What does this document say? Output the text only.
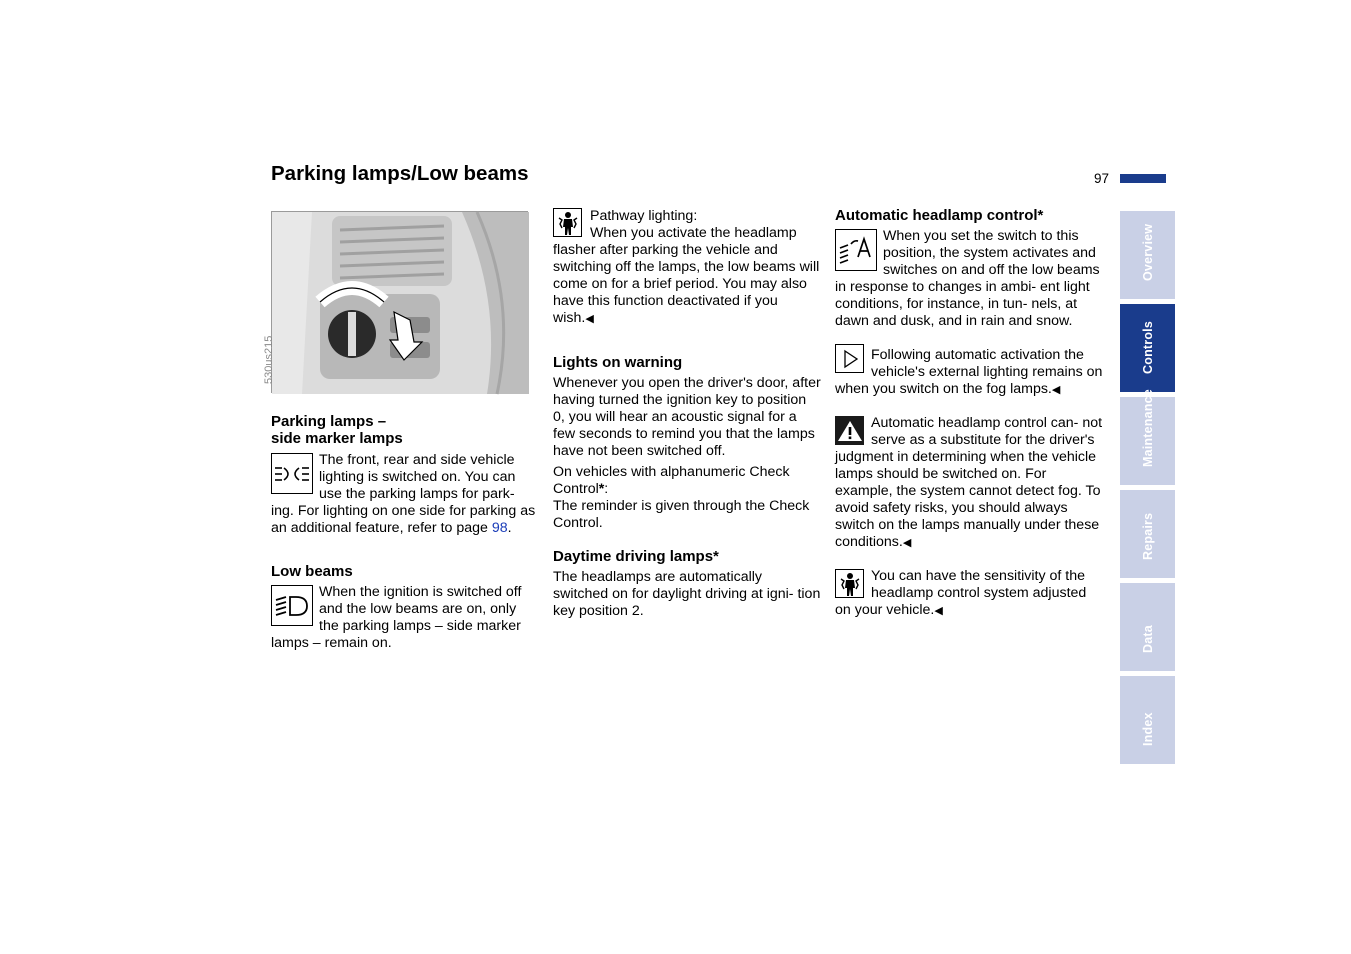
Parking lamps/Low beams	97
530us215

Parking lamps –
side marker lamps

The front, rear and side vehicle lighting is switched on. You can use the parking lamps for park- ing. For lighting on one side for parking as an additional feature, refer to page 98.

Low beams

When the ignition is switched off and the low beams are on, only the parking lamps – side marker lamps – remain on.

Pathway lighting:

When you activate the headlamp flasher after parking the vehicle and switching off the lamps, the low beams will come on for a brief period. You may also have this function deactivated if you wish.◀

Lights on warning

Whenever you open the driver's door, after having turned the ignition key to position 0, you will hear an acoustic signal for a few seconds to remind you that the lamps have not been switched off.

On vehicles with alphanumeric Check Control*:
The reminder is given through the Check Control.

Daytime driving lamps*

The headlamps are automatically switched on for daylight driving at igni- tion key position 2.

Automatic headlamp control*

When you set the switch to this position, the system activates and switches on and off the low beams in response to changes in ambi- ent light conditions, for instance, in tun- nels, at dawn and dusk, and in rain and snow.

Following automatic activation the vehicle's external lighting remains on when you switch on the fog lamps.◀

Automatic headlamp control can- not serve as a substitute for the driver's judgment in determining when the vehicle lamps should be switched on. For example, the system cannot detect fog. To avoid safety risks, you should always switch on the lamps manually under these conditions.◀

You can have the sensitivity of the headlamp control system adjusted on your vehicle.◀

Overview
Controls
Maintenance
Repairs
Data
Index
